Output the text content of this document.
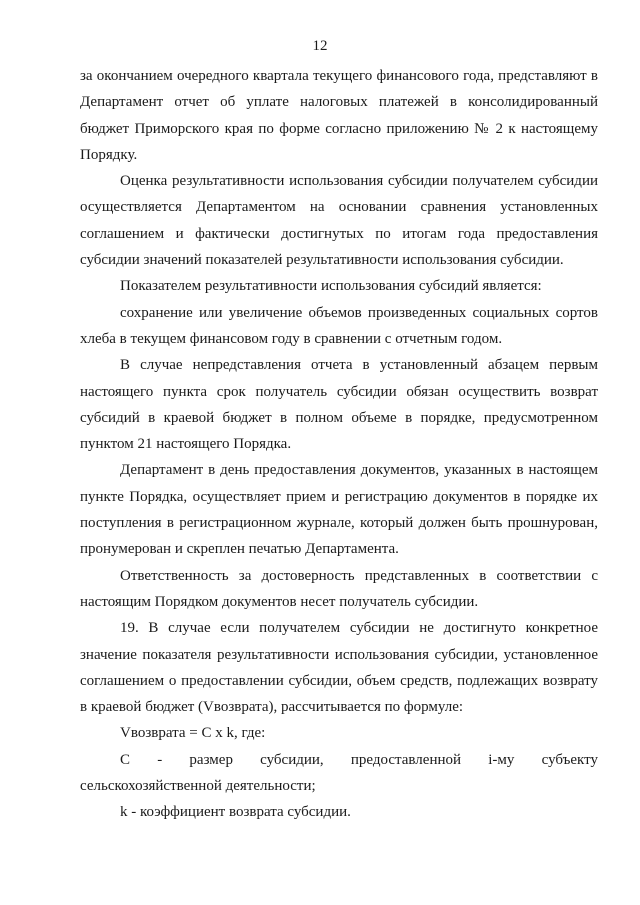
12

за окончанием очередного квартала текущего финансового года, представляют в Департамент отчет об уплате налоговых платежей в консолидированный бюджет Приморского края по форме согласно приложению № 2 к настоящему Порядку.

Оценка результативности использования субсидии получателем субсидии осуществляется Департаментом на основании сравнения установленных соглашением и фактически достигнутых по итогам года предоставления субсидии значений показателей результативности использования субсидии.

Показателем результативности использования субсидий является:

сохранение или увеличение объемов произведенных социальных сортов хлеба в текущем финансовом году в сравнении с отчетным годом.

В случае непредставления отчета в установленный абзацем первым настоящего пункта срок получатель субсидии обязан осуществить возврат субсидий в краевой бюджет в полном объеме в порядке, предусмотренном пунктом 21 настоящего Порядка.

Департамент в день предоставления документов, указанных в настоящем пункте Порядка, осуществляет прием и регистрацию документов в порядке их поступления в регистрационном журнале, который должен быть прошнурован, пронумерован и скреплен печатью Департамента.

Ответственность за достоверность представленных в соответствии с настоящим Порядком документов несет получатель субсидии.

19. В случае если получателем субсидии не достигнуто конкретное значение показателя результативности использования субсидии, установленное соглашением о предоставлении субсидии, объем средств, подлежащих возврату в краевой бюджет (Vвозврата), рассчитывается по формуле:

Vвозврата = С x k, где:

С - размер субсидии, предоставленной i-му субъекту сельскохозяйственной деятельности;

k - коэффициент возврата субсидии.
